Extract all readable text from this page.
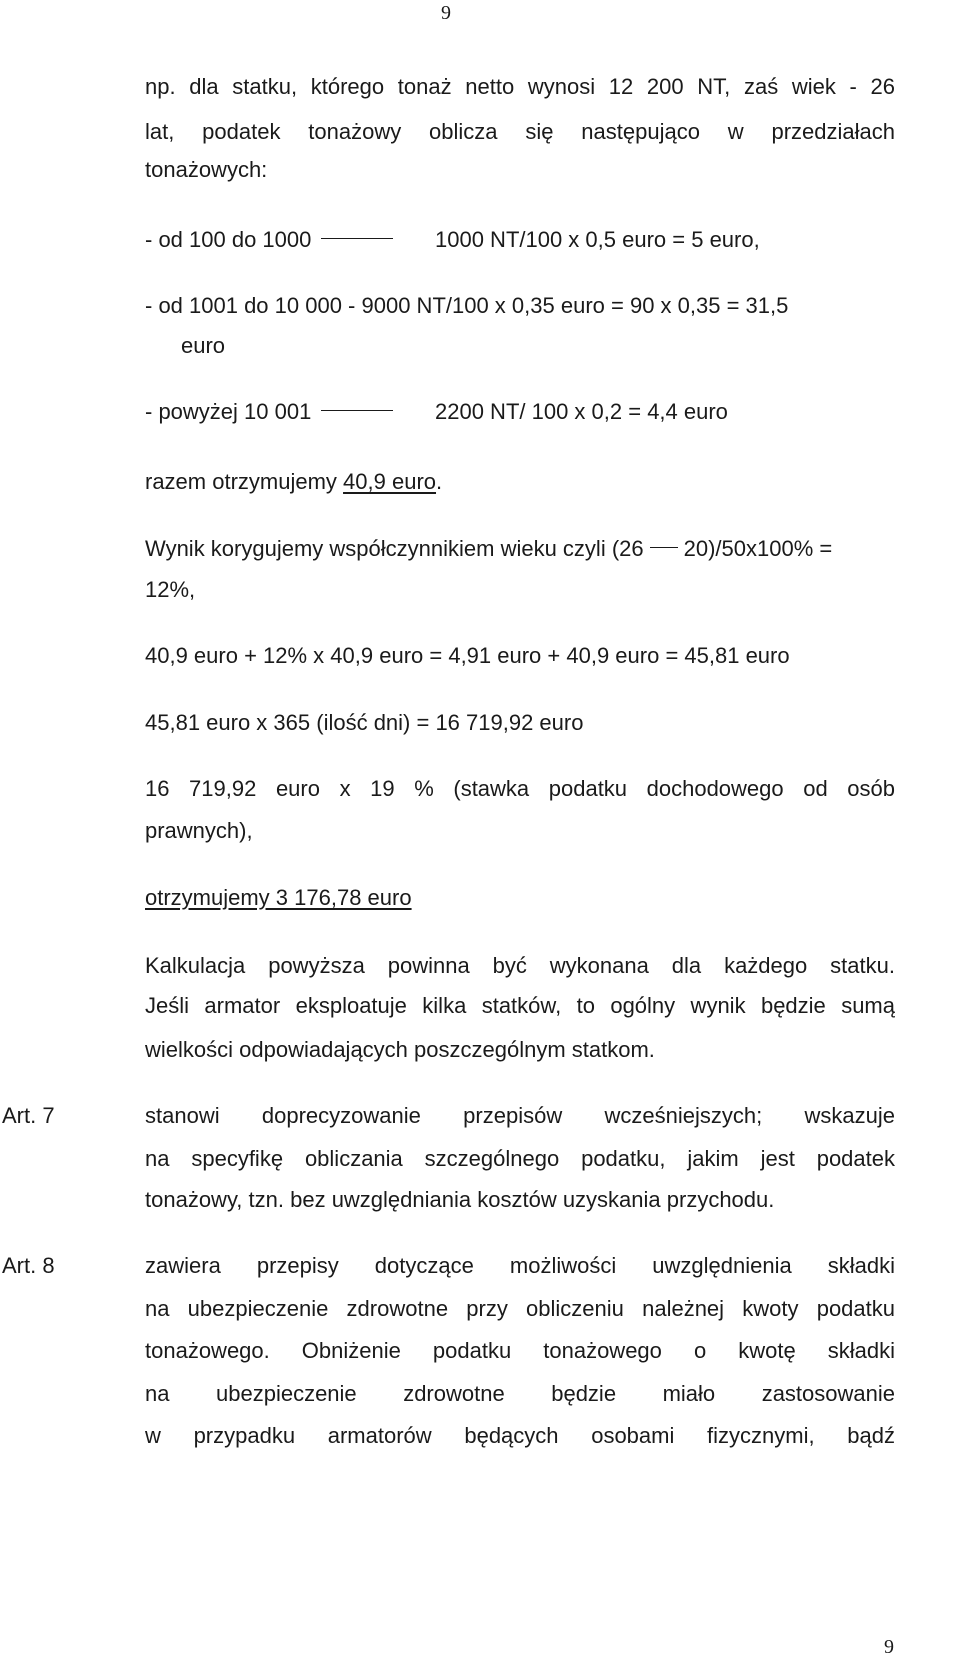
9
9
np. dla statku, którego tonaż netto wynosi 12 200 NT, zaś wiek - 26
lat, podatek tonażowy oblicza się następująco w przedziałach
tonażowych:
- od 100 do 1000	1000 NT/100 x 0,5 euro = 5 euro,
- od 1001 do 10 000 - 9000 NT/100 x 0,35 euro = 90 x 0,35 = 31,5
euro
- powyżej 10 001	2200 NT/ 100 x 0,2 = 4,4 euro
razem otrzymujemy 40,9 euro.
Wynik korygujemy współczynnikiem wieku czyli (26 20)/50x100% =
12%,
40,9 euro + 12% x 40,9 euro = 4,91 euro + 40,9 euro = 45,81 euro
45,81 euro x 365 (ilość dni) = 16 719,92 euro
16 719,92 euro x 19 % (stawka podatku dochodowego od osób
prawnych),
otrzymujemy 3 176,78 euro
Kalkulacja powyższa powinna być wykonana dla każdego statku.
Jeśli armator eksploatuje kilka statków, to ogólny wynik będzie sumą
wielkości odpowiadających poszczególnym statkom.
Art. 7	stanowi doprecyzowanie przepisów wcześniejszych; wskazuje
na specyfikę obliczania szczególnego podatku, jakim jest podatek
tonażowy, tzn. bez uwzględniania kosztów uzyskania przychodu.
Art. 8	zawiera przepisy dotyczące możliwości uwzględnienia składki
na ubezpieczenie zdrowotne przy obliczeniu należnej kwoty podatku
tonażowego. Obniżenie podatku tonażowego o kwotę składki
na ubezpieczenie zdrowotne będzie miało zastosowanie
w przypadku armatorów będących osobami fizycznymi, bądź
